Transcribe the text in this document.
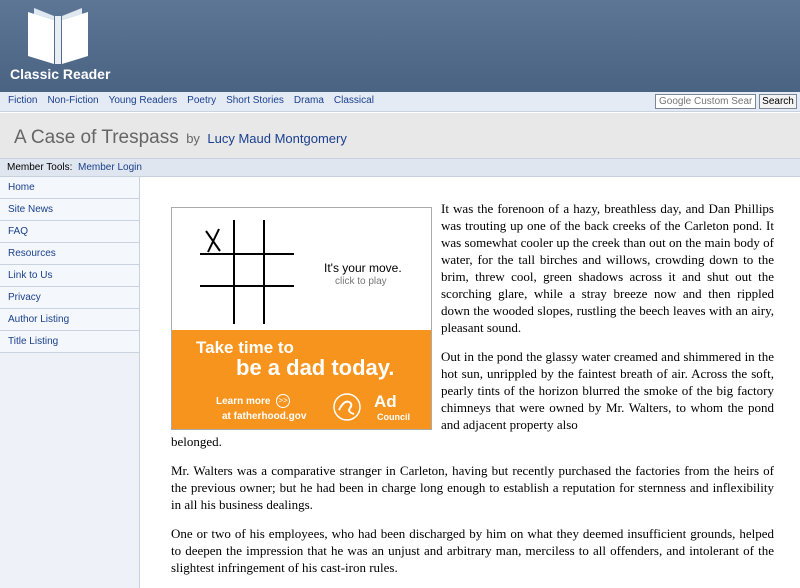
Classic Reader
Fiction Non-Fiction Young Readers Poetry Short Stories Drama Classical
Google Custom Search	Search
A Case of Trespass by Lucy Maud Montgomery
Member Tools: Member Login
Home
Site News
FAQ
Resources
Link to Us
Privacy
Author Listing
Title Listing
It's your move.
click to play
Take time to
be a dad today.
Learn more >>
at fatherhood.gov
Ad
Council

It was the forenoon of a hazy, breathless day, and Dan Phillips was trouting up one of the back creeks of the Carleton pond. It was somewhat cooler up the creek than out on the main body of water, for the tall birches and willows, crowding down to the brim, threw cool, green shadows across it and shut out the scorching glare, while a stray breeze now and then rippled down the wooded slopes, rustling the beech leaves with an airy, pleasant sound.

Out in the pond the glassy water creamed and shimmered in the hot sun, unrippled by the faintest breath of air. Across the soft, pearly tints of the horizon blurred the smoke of the big factory chimneys that were owned by Mr. Walters, to whom the pond and adjacent property also

belonged.

Mr. Walters was a comparative stranger in Carleton, having but recently purchased the factories from the heirs of the previous owner; but he had been in charge long enough to establish a reputation for sternness and inflexibility in all his business dealings.

One or two of his employees, who had been discharged by him on what they deemed insufficient grounds, helped to deepen the impression that he was an unjust and arbitrary man, merciless to all offenders, and intolerant of the slightest infringement of his cast-iron rules.
